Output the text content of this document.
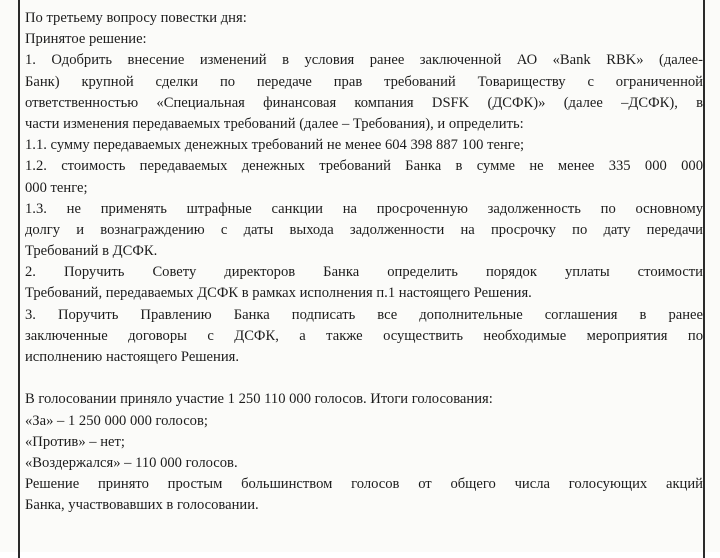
По третьему вопросу повестки дня:
Принятое решение:
1. Одобрить внесение изменений в условия ранее заключенной АО «Bank RBK» (далее-
Банк) крупной сделки по передаче прав требований Товариществу с ограниченной
ответственностью «Специальная финансовая компания DSFK (ДСФК)» (далее –ДСФК), в
части изменения передаваемых требований (далее – Требования), и определить:
1.1. сумму передаваемых денежных требований не менее 604 398 887 100 тенге;
1.2. стоимость передаваемых денежных требований Банка в сумме не менее 335 000 000
000 тенге;
1.3. не применять штрафные санкции на просроченную задолженность по основному
долгу и вознаграждению с даты выхода задолженности на просрочку по дату передачи
Требований в ДСФК.
2. Поручить Совету директоров Банка определить порядок уплаты стоимости
Требований, передаваемых ДСФК в рамках исполнения п.1 настоящего Решения.
3. Поручить Правлению Банка подписать все дополнительные соглашения в ранее
заключенные договоры с ДСФК, а также осуществить необходимые мероприятия по
исполнению настоящего Решения.
В голосовании приняло участие 1 250 110 000 голосов. Итоги голосования:
«За» – 1 250 000 000 голосов;
«Против» – нет;
«Воздержался» – 110 000 голосов.
Решение принято простым большинством голосов от общего числа голосующих акций
Банка, участвовавших в голосовании.
